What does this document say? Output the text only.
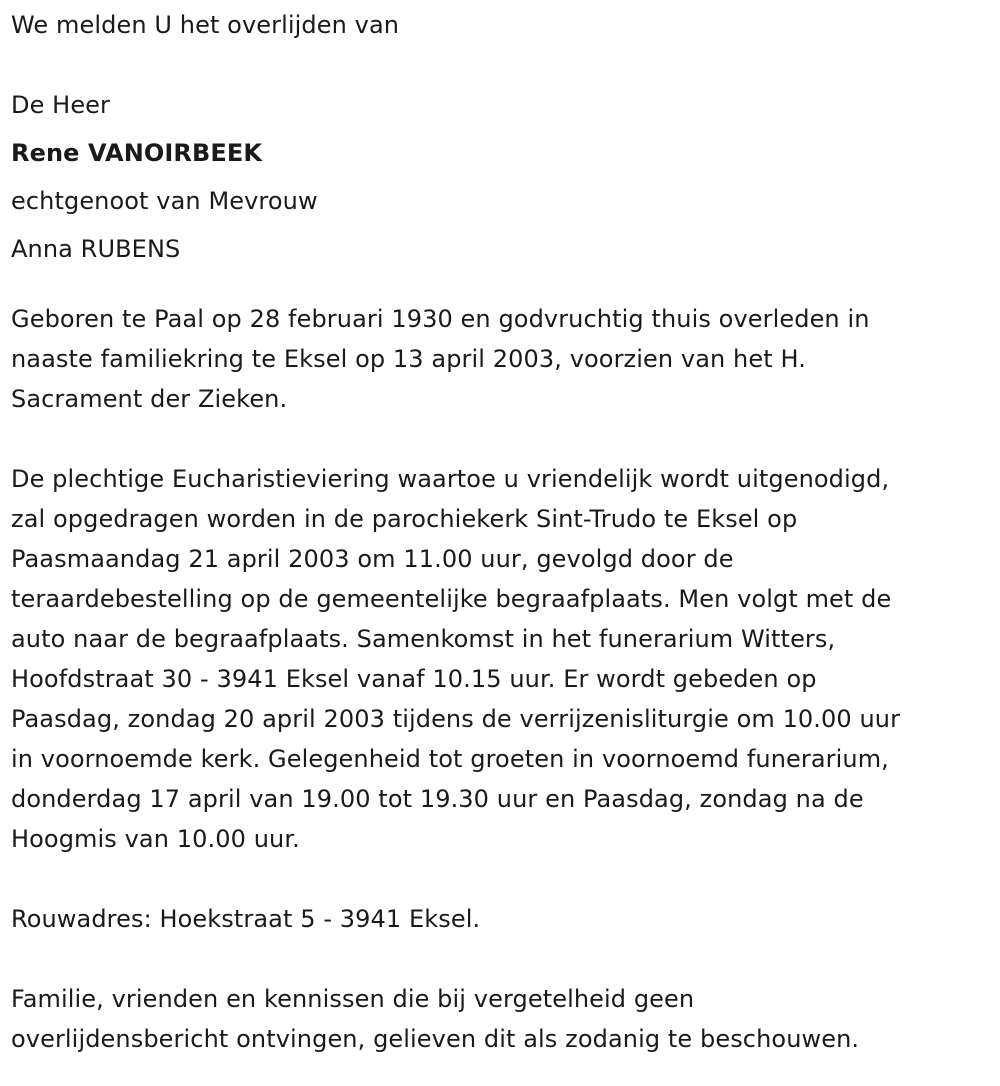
We melden U het overlijden van
De Heer
Rene VANOIRBEEK
echtgenoot van Mevrouw
Anna RUBENS
Geboren te Paal op 28 februari 1930 en godvruchtig thuis overleden in
naaste familiekring te Eksel op 13 april 2003, voorzien van het H.
Sacrament der Zieken.
De plechtige Eucharistieviering waartoe u vriendelijk wordt uitgenodigd,
zal opgedragen worden in de parochiekerk Sint-Trudo te Eksel op
Paasmaandag 21 april 2003 om 11.00 uur, gevolgd door de
teraardebestelling op de gemeentelijke begraafplaats. Men volgt met de
auto naar de begraafplaats. Samenkomst in het funerarium Witters,
Hoofdstraat 30 - 3941 Eksel vanaf 10.15 uur. Er wordt gebeden op
Paasdag, zondag 20 april 2003 tijdens de verrijzenisliturgie om 10.00 uur
in voornoemde kerk. Gelegenheid tot groeten in voornoemd funerarium,
donderdag 17 april van 19.00 tot 19.30 uur en Paasdag, zondag na de
Hoogmis van 10.00 uur.
Rouwadres: Hoekstraat 5 - 3941 Eksel.
Familie, vrienden en kennissen die bij vergetelheid geen
overlijdensbericht ontvingen, gelieven dit als zodanig te beschouwen.
